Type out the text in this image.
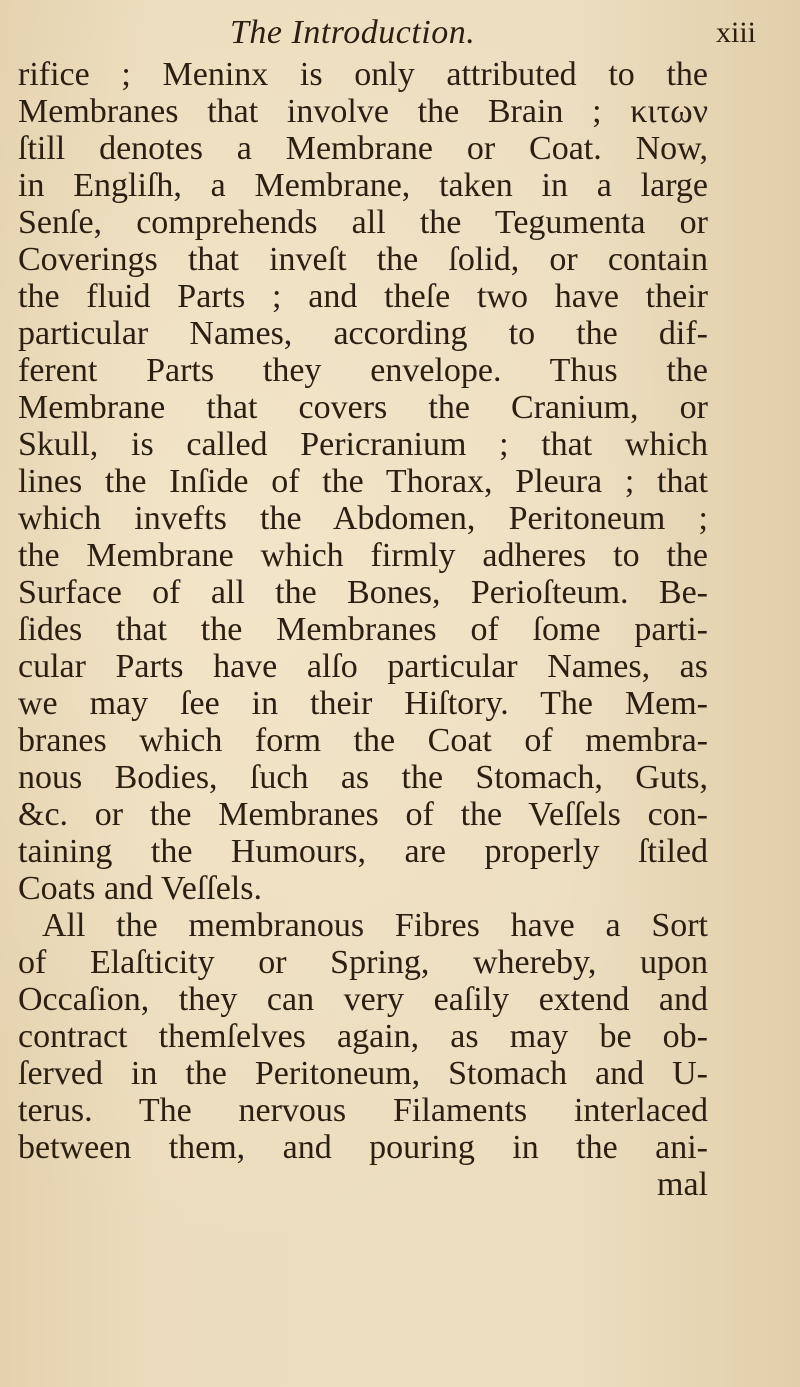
The Introduction.	xiii
rifice ; Meninx is only attributed to the
Membranes that involve the Brain ; κιτων
ſtill denotes a Membrane or Coat. Now,
in Engliſh, a Membrane, taken in a large
Senſe, comprehends all the Tegumenta or
Coverings that inveſt the ſolid, or contain
the fluid Parts ; and theſe two have their
particular Names, according to the dif-
ferent Parts they envelope. Thus the
Membrane that covers the Cranium, or
Skull, is called Pericranium ; that which
lines the Inſide of the Thorax, Pleura ; that
which invefts the Abdomen, Peritoneum ;
the Membrane which firmly adheres to the
Surface of all the Bones, Perioſteum. Be-
ſides that the Membranes of ſome parti-
cular Parts have alſo particular Names, as
we may ſee in their Hiſtory. The Mem-
branes which form the Coat of membra-
nous Bodies, ſuch as the Stomach, Guts,
&c. or the Membranes of the Veſſels con-
taining the Humours, are properly ſtiled
Coats and Veſſels.
All the membranous Fibres have a Sort
of Elaſticity or Spring, whereby, upon
Occaſion, they can very eaſily extend and
contract themſelves again, as may be ob-
ſerved in the Peritoneum, Stomach and U-
terus. The nervous Filaments interlaced
between them, and pouring in the ani-
mal
